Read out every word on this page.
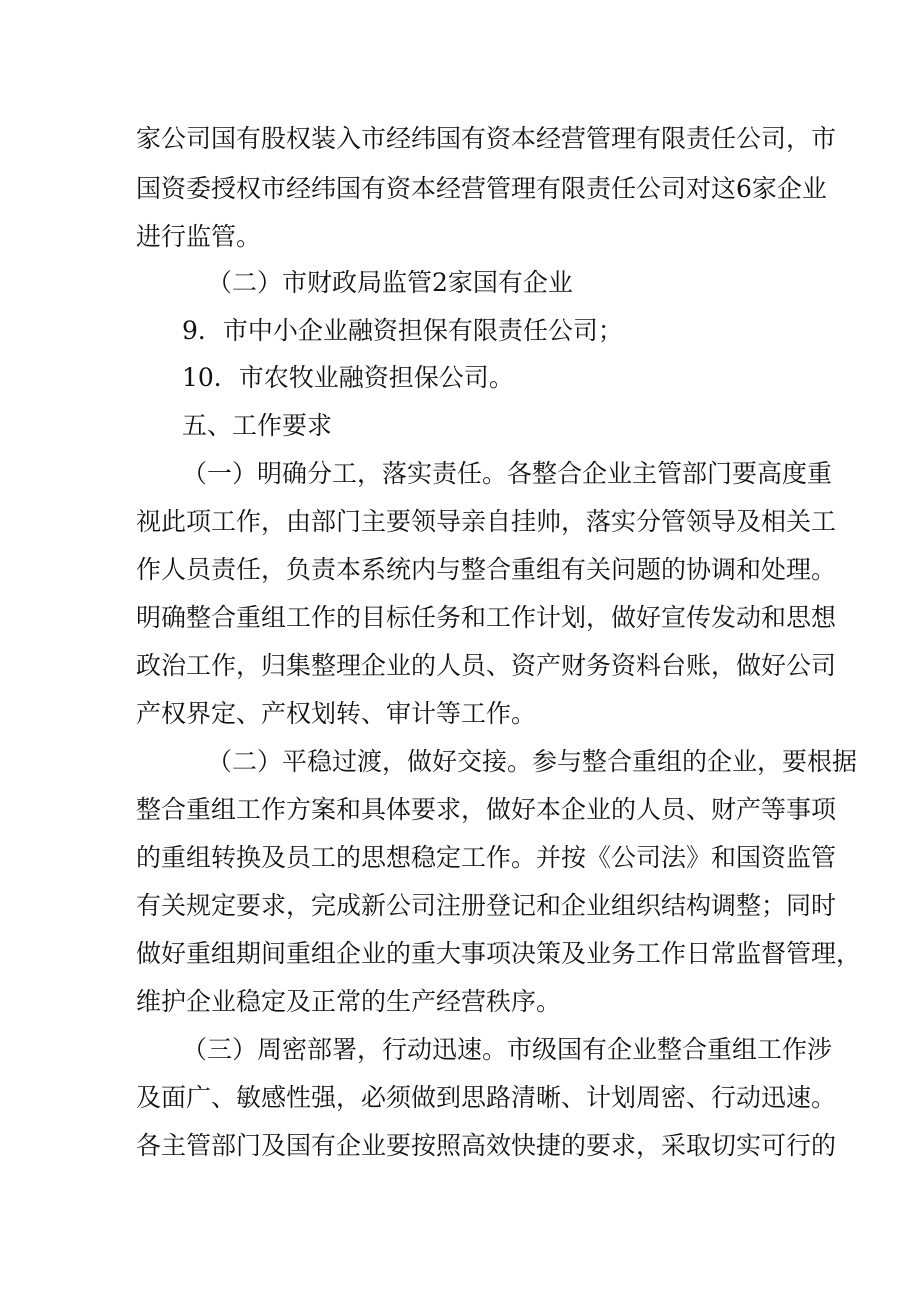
家公司国有股权装入市经纬国有资本经营管理有限责任公司，市
国资委授权市经纬国有资本经营管理有限责任公司对这6家企业
进行监管。
（二）市财政局监管2家国有企业
9．市中小企业融资担保有限责任公司；
10．市农牧业融资担保公司。
五、工作要求
（一）明确分工，落实责任。各整合企业主管部门要高度重
视此项工作，由部门主要领导亲自挂帅，落实分管领导及相关工
作人员责任，负责本系统内与整合重组有关问题的协调和处理。
明确整合重组工作的目标任务和工作计划，做好宣传发动和思想
政治工作，归集整理企业的人员、资产财务资料台账，做好公司
产权界定、产权划转、审计等工作。
（二）平稳过渡，做好交接。参与整合重组的企业，要根据
整合重组工作方案和具体要求，做好本企业的人员、财产等事项
的重组转换及员工的思想稳定工作。并按《公司法》和国资监管
有关规定要求，完成新公司注册登记和企业组织结构调整；同时
做好重组期间重组企业的重大事项决策及业务工作日常监督管理，
维护企业稳定及正常的生产经营秩序。
（三）周密部署，行动迅速。市级国有企业整合重组工作涉
及面广、敏感性强，必须做到思路清晰、计划周密、行动迅速。
各主管部门及国有企业要按照高效快捷的要求，采取切实可行的
